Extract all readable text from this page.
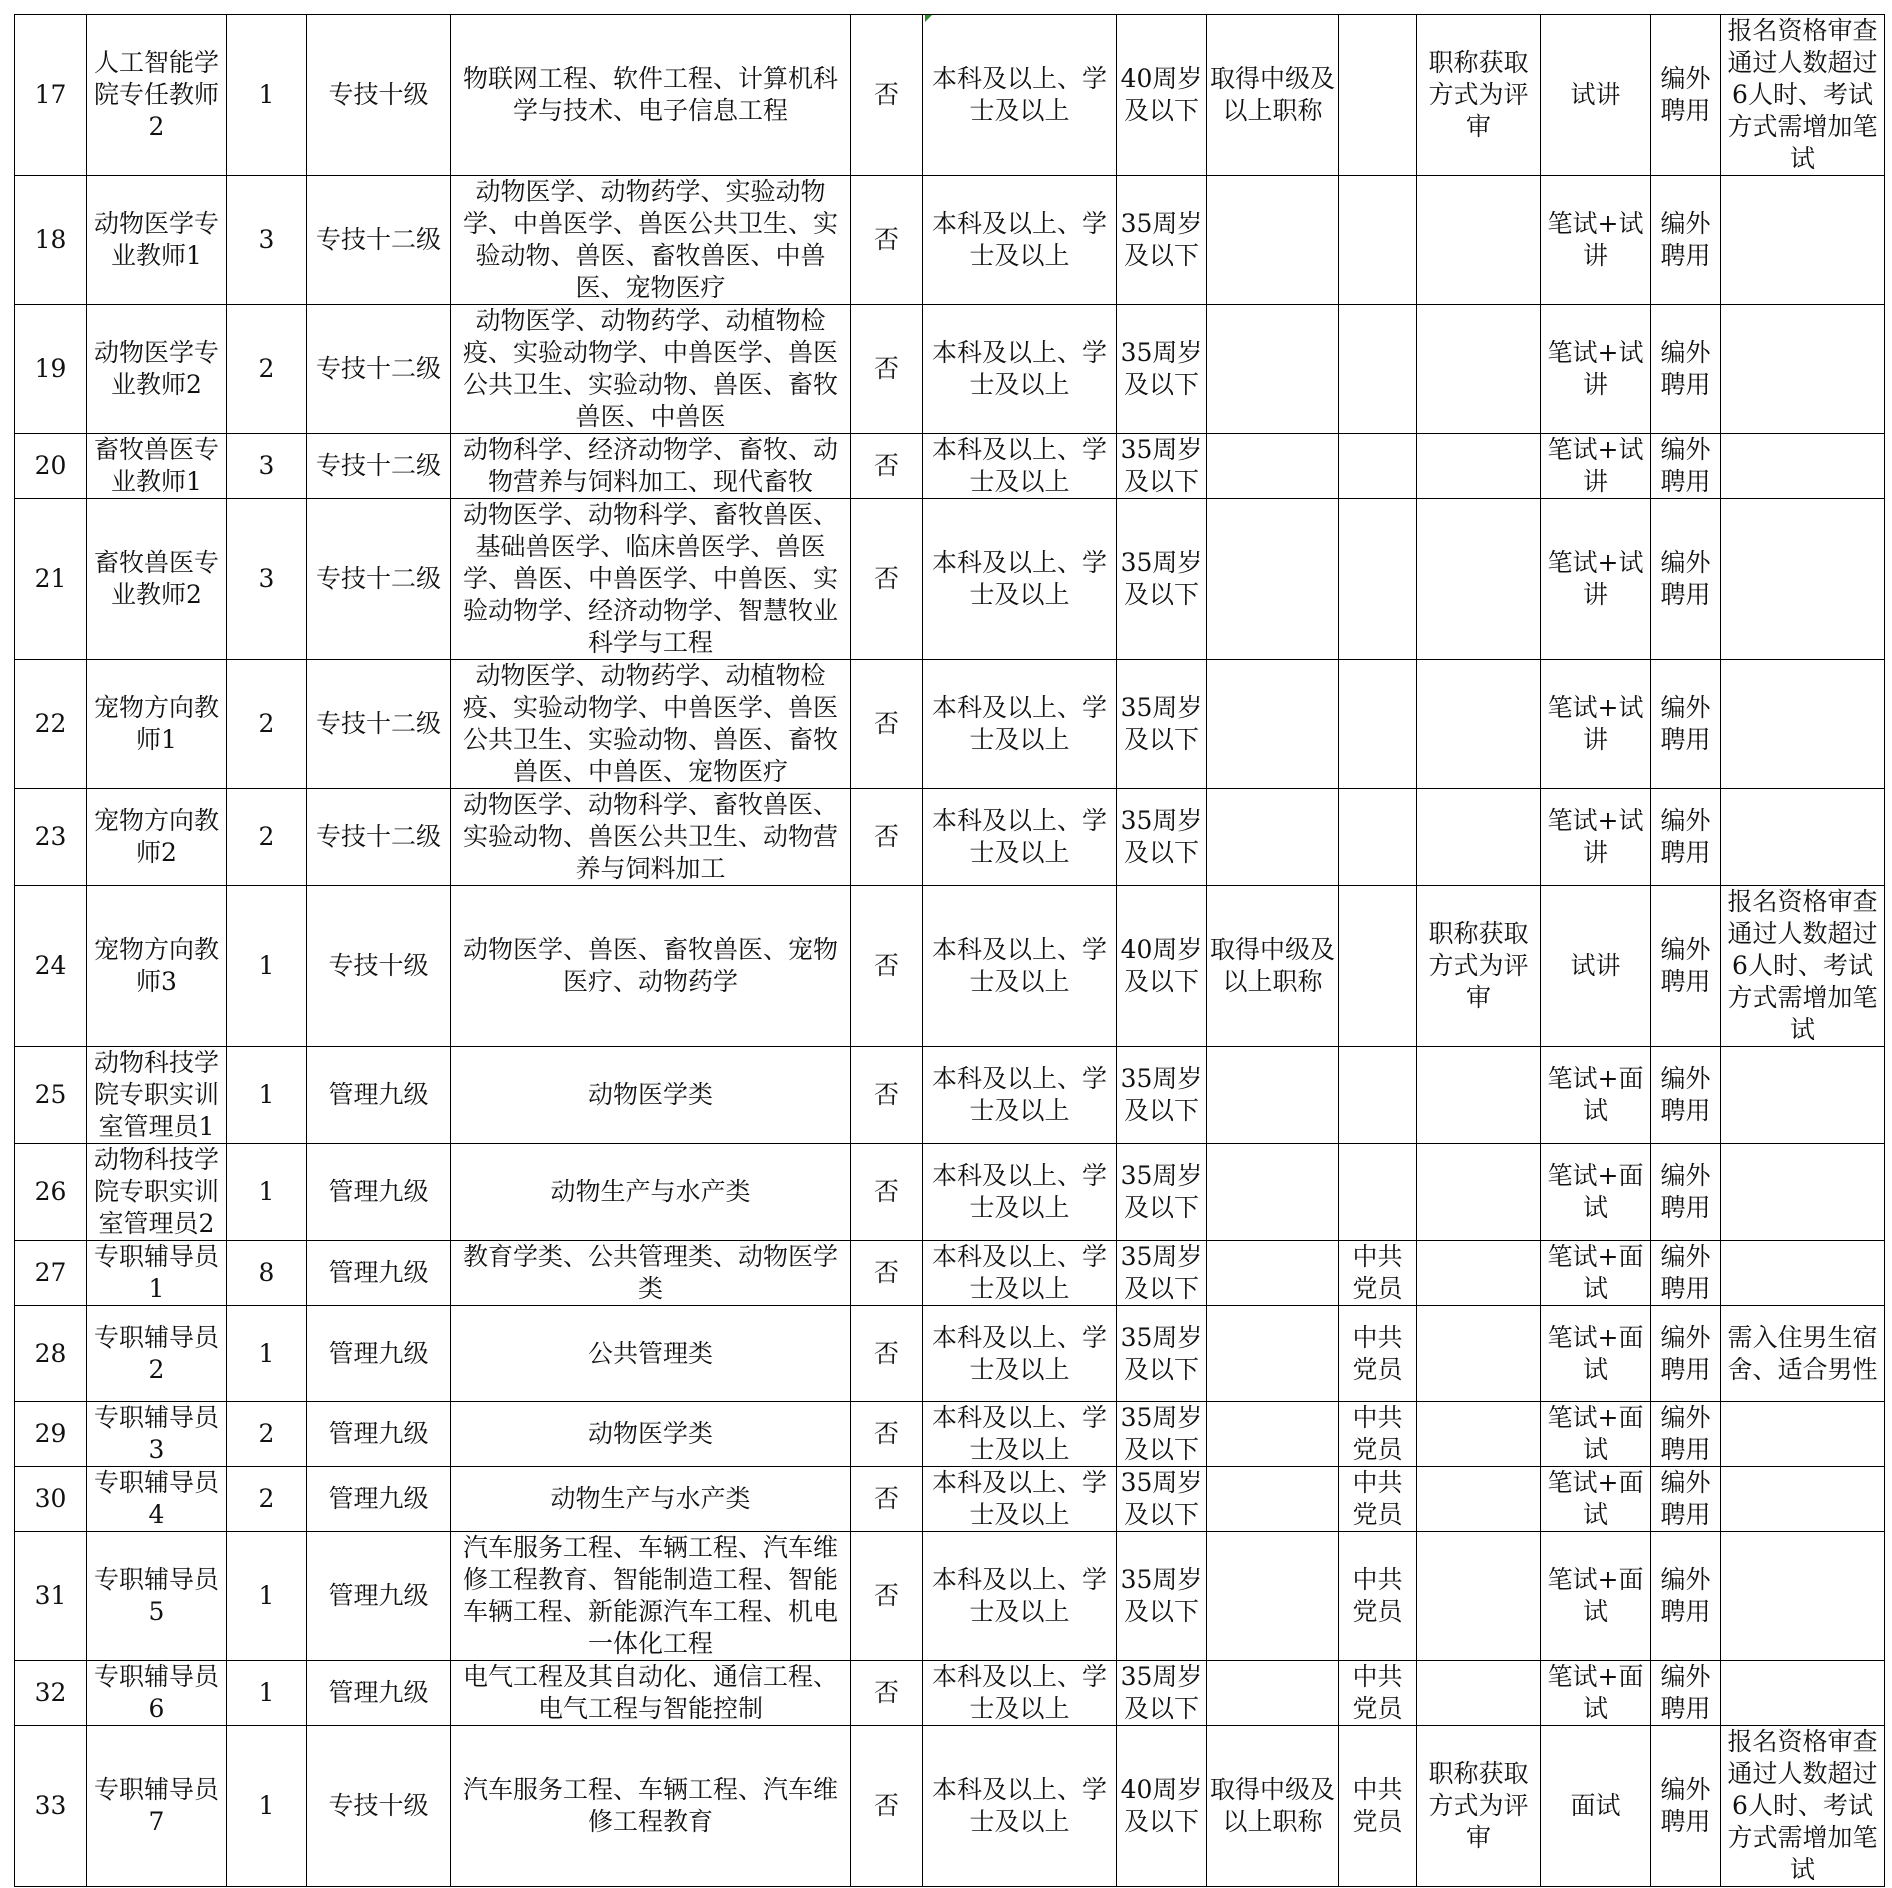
17	人工智能学院专任教师2	1	专技十级	物联网工程、软件工程、计算机科学与技术、电子信息工程	否	本科及以上、学士及以上	40周岁及以下	取得中级及以上职称		职称获取方式为评审	试讲	编外聘用	报名资格审查通过人数超过6人时、考试方式需增加笔试
18	动物医学专业教师1	3	专技十二级	动物医学、动物药学、实验动物学、中兽医学、兽医公共卫生、实验动物、兽医、畜牧兽医、中兽医、宠物医疗	否	本科及以上、学士及以上	35周岁及以下				笔试+试讲	编外聘用	
19	动物医学专业教师2	2	专技十二级	动物医学、动物药学、动植物检疫、实验动物学、中兽医学、兽医公共卫生、实验动物、兽医、畜牧兽医、中兽医	否	本科及以上、学士及以上	35周岁及以下				笔试+试讲	编外聘用	
20	畜牧兽医专业教师1	3	专技十二级	动物科学、经济动物学、畜牧、动物营养与饲料加工、现代畜牧	否	本科及以上、学士及以上	35周岁及以下				笔试+试讲	编外聘用	
21	畜牧兽医专业教师2	3	专技十二级	动物医学、动物科学、畜牧兽医、基础兽医学、临床兽医学、兽医学、兽医、中兽医学、中兽医、实验动物学、经济动物学、智慧牧业科学与工程	否	本科及以上、学士及以上	35周岁及以下				笔试+试讲	编外聘用	
22	宠物方向教师1	2	专技十二级	动物医学、动物药学、动植物检疫、实验动物学、中兽医学、兽医公共卫生、实验动物、兽医、畜牧兽医、中兽医、宠物医疗	否	本科及以上、学士及以上	35周岁及以下				笔试+试讲	编外聘用	
23	宠物方向教师2	2	专技十二级	动物医学、动物科学、畜牧兽医、实验动物、兽医公共卫生、动物营养与饲料加工	否	本科及以上、学士及以上	35周岁及以下				笔试+试讲	编外聘用	
24	宠物方向教师3	1	专技十级	动物医学、兽医、畜牧兽医、宠物医疗、动物药学	否	本科及以上、学士及以上	40周岁及以下	取得中级及以上职称		职称获取方式为评审	试讲	编外聘用	报名资格审查通过人数超过6人时、考试方式需增加笔试
25	动物科技学院专职实训室管理员1	1	管理九级	动物医学类	否	本科及以上、学士及以上	35周岁及以下				笔试+面试	编外聘用	
26	动物科技学院专职实训室管理员2	1	管理九级	动物生产与水产类	否	本科及以上、学士及以上	35周岁及以下				笔试+面试	编外聘用	
27	专职辅导员1	8	管理九级	教育学类、公共管理类、动物医学类	否	本科及以上、学士及以上	35周岁及以下		中共党员		笔试+面试	编外聘用	
28	专职辅导员2	1	管理九级	公共管理类	否	本科及以上、学士及以上	35周岁及以下		中共党员		笔试+面试	编外聘用	需入住男生宿舍、适合男性
29	专职辅导员3	2	管理九级	动物医学类	否	本科及以上、学士及以上	35周岁及以下		中共党员		笔试+面试	编外聘用	
30	专职辅导员4	2	管理九级	动物生产与水产类	否	本科及以上、学士及以上	35周岁及以下		中共党员		笔试+面试	编外聘用	
31	专职辅导员5	1	管理九级	汽车服务工程、车辆工程、汽车维修工程教育、智能制造工程、智能车辆工程、新能源汽车工程、机电一体化工程	否	本科及以上、学士及以上	35周岁及以下		中共党员		笔试+面试	编外聘用	
32	专职辅导员6	1	管理九级	电气工程及其自动化、通信工程、电气工程与智能控制	否	本科及以上、学士及以上	35周岁及以下		中共党员		笔试+面试	编外聘用	
33	专职辅导员7	1	专技十级	汽车服务工程、车辆工程、汽车维修工程教育	否	本科及以上、学士及以上	40周岁及以下	取得中级及以上职称	中共党员	职称获取方式为评审	面试	编外聘用	报名资格审查通过人数超过6人时、考试方式需增加笔试
